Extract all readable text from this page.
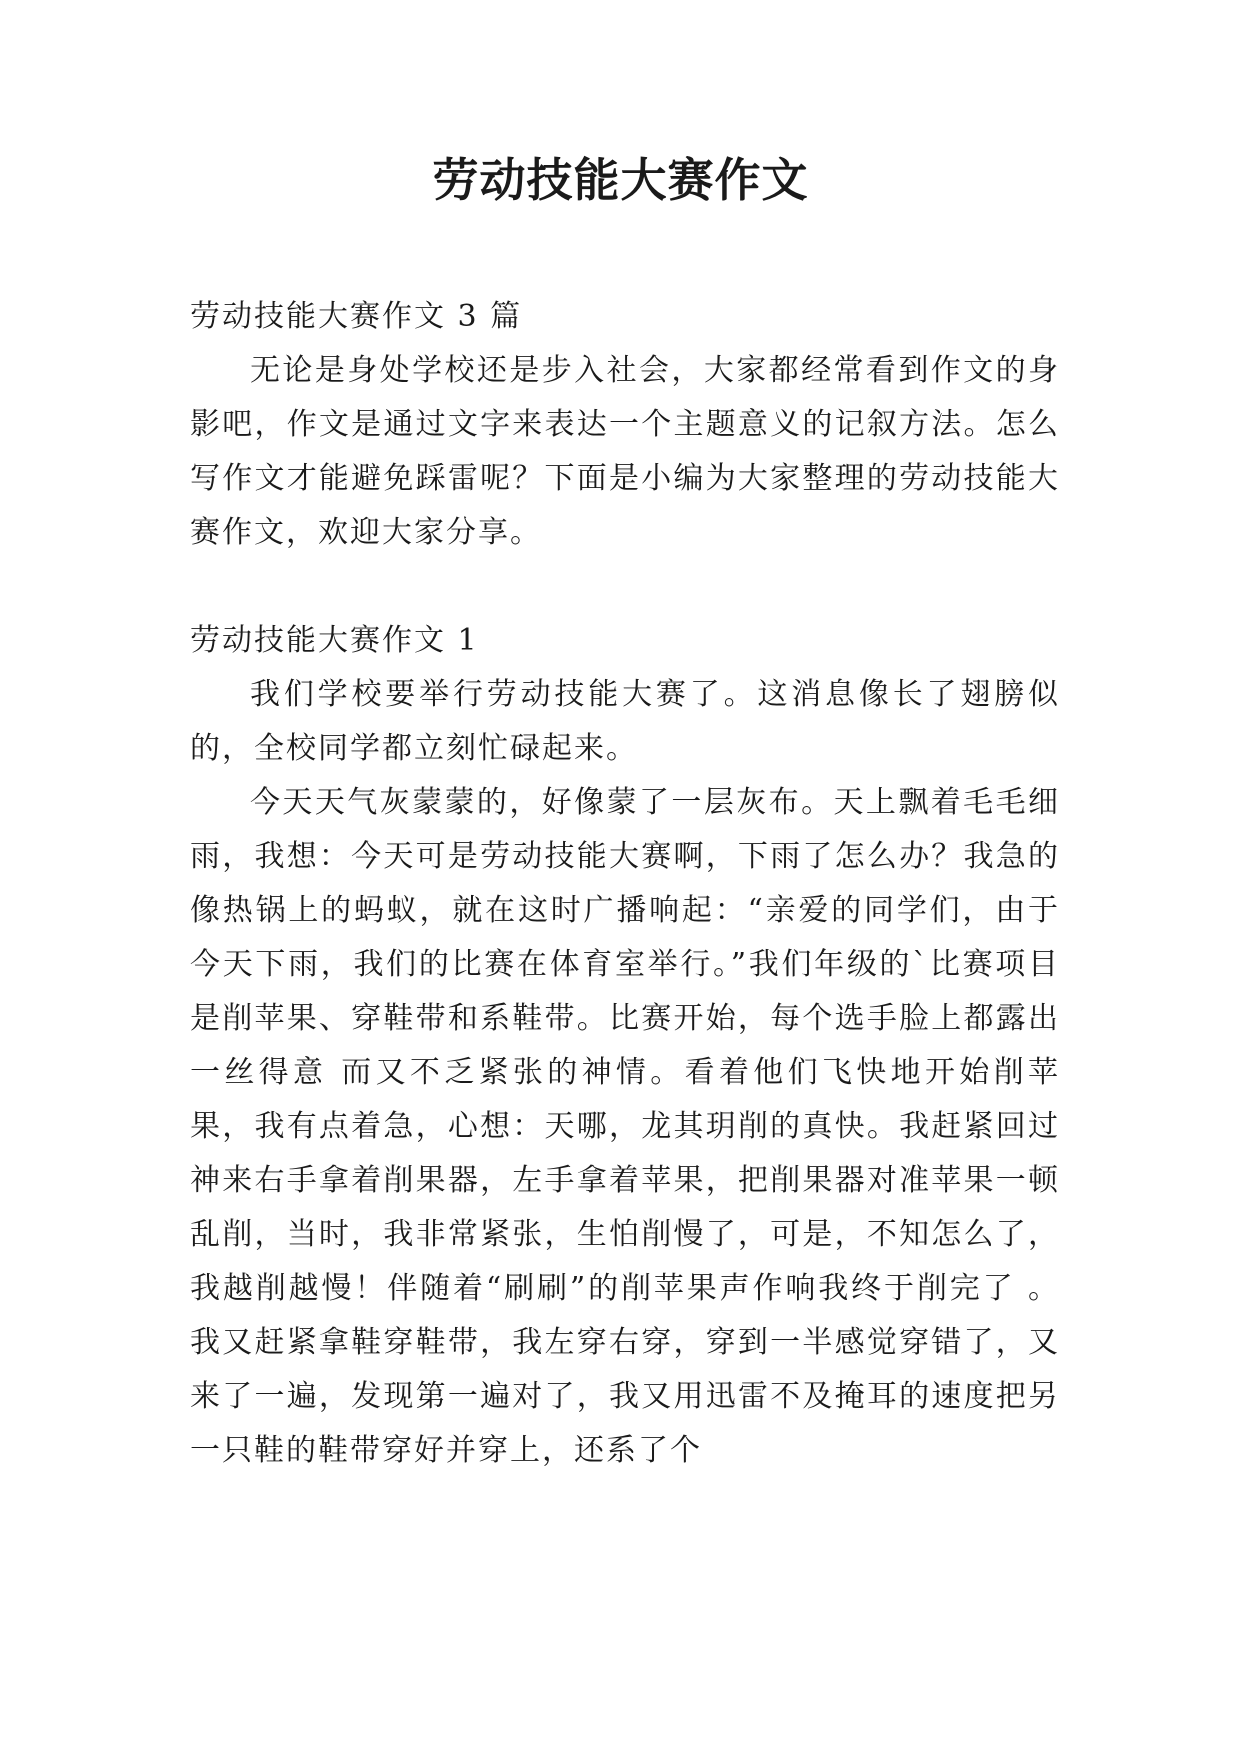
劳动技能大赛作文
劳动技能大赛作文 3 篇

无论是身处学校还是步入社会，大家都经常看到作文的身影吧，作文是通过文字来表达一个主题意义的记叙方法。怎么写作文才能避免踩雷呢？下面是小编为大家整理的劳动技能大赛作文，欢迎大家分享。

劳动技能大赛作文 1

我们学校要举行劳动技能大赛了。这消息像长了翅膀似的，全校同学都立刻忙碌起来。

今天天气灰蒙蒙的，好像蒙了一层灰布。天上飘着毛毛细雨，我想：今天可是劳动技能大赛啊，下雨了怎么办？我急的像热锅上的蚂蚁，就在这时广播响起：“亲爱的同学们，由于今天下雨，我们的比赛在体育室举行。”我们年级的`比赛项目是削苹果、穿鞋带和系鞋带。比赛开始，每个选手脸上都露出一丝得意 而又不乏紧张的神情。看着他们飞快地开始削苹果，我有点着急，心想：天哪，龙其玥削的真快。我赶紧回过神来右手拿着削果器，左手拿着苹果，把削果器对准苹果一顿乱削，当时，我非常紧张，生怕削慢了，可是，不知怎么了，我越削越慢！伴随着“刷刷”的削苹果声作响我终于削完了 。我又赶紧拿鞋穿鞋带，我左穿右穿，穿到一半感觉穿错了，又来了一遍，发现第一遍对了，我又用迅雷不及掩耳的速度把另一只鞋的鞋带穿好并穿上，还系了个
